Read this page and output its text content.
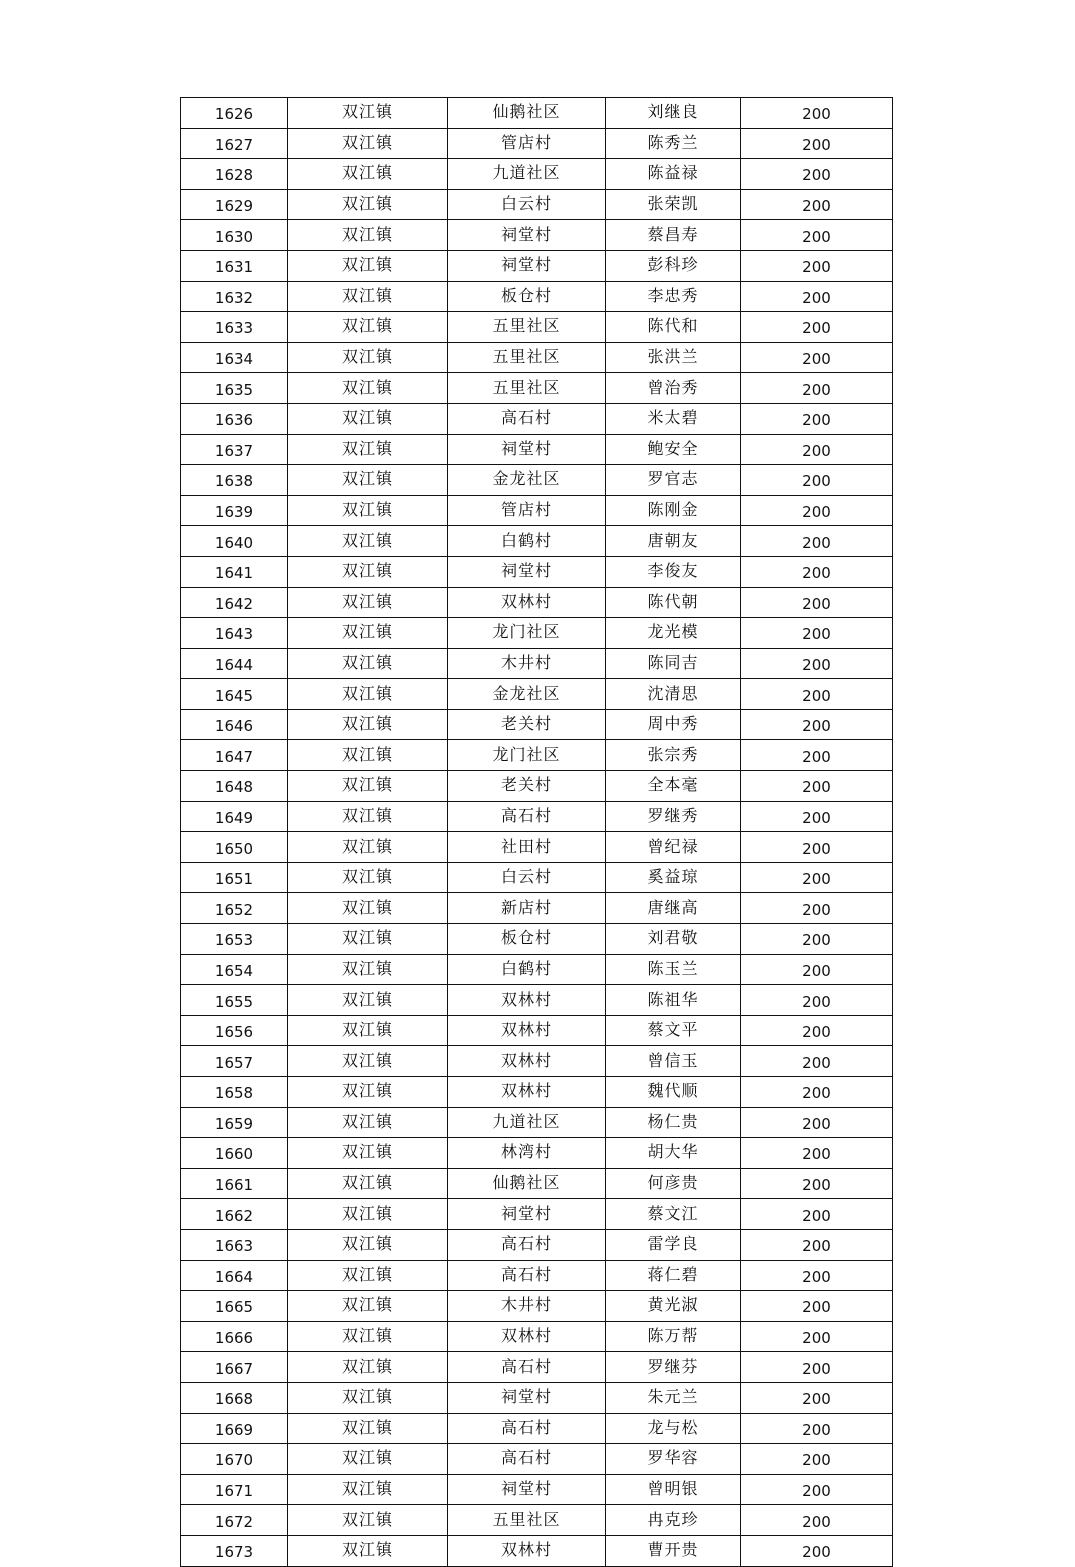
1626	双江镇	仙鹅社区	刘继良	200
1627	双江镇	管店村	陈秀兰	200
1628	双江镇	九道社区	陈益禄	200
1629	双江镇	白云村	张荣凯	200
1630	双江镇	祠堂村	蔡昌寿	200
1631	双江镇	祠堂村	彭科珍	200
1632	双江镇	板仓村	李忠秀	200
1633	双江镇	五里社区	陈代和	200
1634	双江镇	五里社区	张洪兰	200
1635	双江镇	五里社区	曾治秀	200
1636	双江镇	高石村	米太碧	200
1637	双江镇	祠堂村	鲍安全	200
1638	双江镇	金龙社区	罗官志	200
1639	双江镇	管店村	陈刚金	200
1640	双江镇	白鹤村	唐朝友	200
1641	双江镇	祠堂村	李俊友	200
1642	双江镇	双林村	陈代朝	200
1643	双江镇	龙门社区	龙光模	200
1644	双江镇	木井村	陈同吉	200
1645	双江镇	金龙社区	沈清思	200
1646	双江镇	老关村	周中秀	200
1647	双江镇	龙门社区	张宗秀	200
1648	双江镇	老关村	全本毫	200
1649	双江镇	高石村	罗继秀	200
1650	双江镇	社田村	曾纪禄	200
1651	双江镇	白云村	奚益琼	200
1652	双江镇	新店村	唐继高	200
1653	双江镇	板仓村	刘君敬	200
1654	双江镇	白鹤村	陈玉兰	200
1655	双江镇	双林村	陈祖华	200
1656	双江镇	双林村	蔡文平	200
1657	双江镇	双林村	曾信玉	200
1658	双江镇	双林村	魏代顺	200
1659	双江镇	九道社区	杨仁贵	200
1660	双江镇	林湾村	胡大华	200
1661	双江镇	仙鹅社区	何彦贵	200
1662	双江镇	祠堂村	蔡文江	200
1663	双江镇	高石村	雷学良	200
1664	双江镇	高石村	蒋仁碧	200
1665	双江镇	木井村	黄光淑	200
1666	双江镇	双林村	陈万帮	200
1667	双江镇	高石村	罗继芬	200
1668	双江镇	祠堂村	朱元兰	200
1669	双江镇	高石村	龙与松	200
1670	双江镇	高石村	罗华容	200
1671	双江镇	祠堂村	曾明银	200
1672	双江镇	五里社区	冉克珍	200
1673	双江镇	双林村	曹开贵	200
